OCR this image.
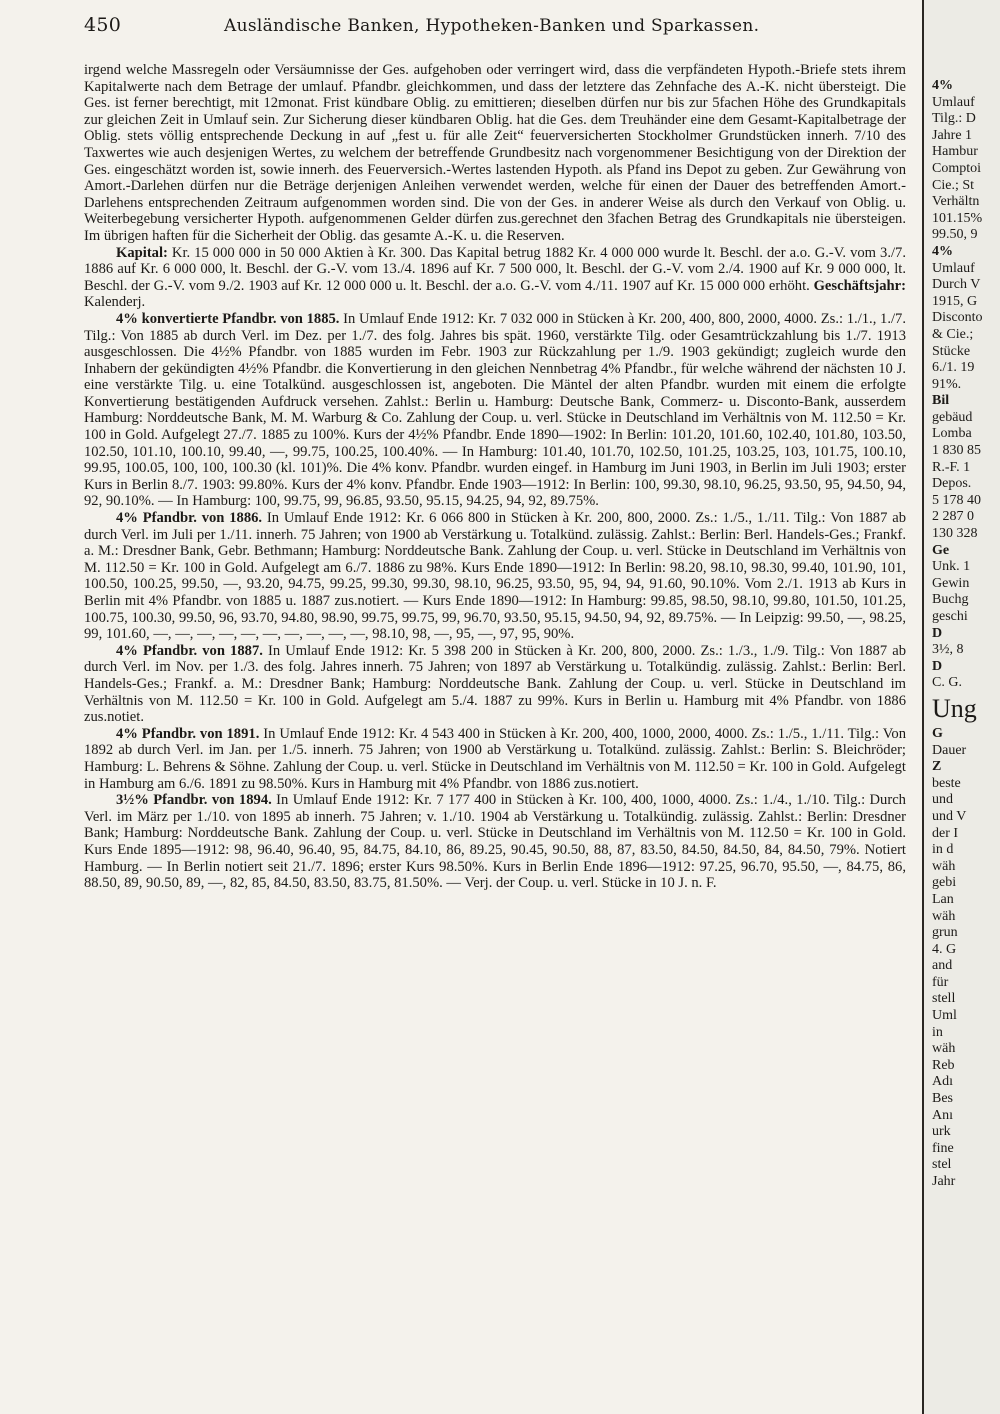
450	Ausländische Banken, Hypotheken-Banken und Sparkassen.

irgend welche Massregeln oder Versäumnisse der Ges. aufgehoben oder verringert wird, dass die verpfändeten Hypoth.-Briefe stets ihrem Kapitalwerte nach dem Betrage der umlauf. Pfandbr. gleichkommen, und dass der letztere das Zehnfache des A.-K. nicht übersteigt. Die Ges. ist ferner berechtigt, mit 12monat. Frist kündbare Oblig. zu emittieren; dieselben dürfen nur bis zur 5fachen Höhe des Grundkapitals zur gleichen Zeit in Umlauf sein. Zur Sicherung dieser kündbaren Oblig. hat die Ges. dem Treuhänder eine dem Gesamt-Kapitalbetrage der Oblig. stets völlig entsprechende Deckung in auf „fest u. für alle Zeit“ feuerversicherten Stockholmer Grundstücken innerh. 7/10 des Taxwertes wie auch desjenigen Wertes, zu welchem der betreffende Grundbesitz nach vorgenommener Besichtigung von der Direktion der Ges. eingeschätzt worden ist, sowie innerh. des Feuerversich.-Wertes lastenden Hypoth. als Pfand ins Depot zu geben. Zur Gewährung von Amort.-Darlehen dürfen nur die Beträge derjenigen Anleihen verwendet werden, welche für einen der Dauer des betreffenden Amort.-Darlehens entsprechenden Zeitraum aufgenommen worden sind. Die von der Ges. in anderer Weise als durch den Verkauf von Oblig. u. Weiterbegebung versicherter Hypoth. aufgenommenen Gelder dürfen zus.gerechnet den 3fachen Betrag des Grundkapitals nie übersteigen. Im übrigen haften für die Sicherheit der Oblig. das gesamte A.-K. u. die Reserven.

Kapital: Kr. 15 000 000 in 50 000 Aktien à Kr. 300. Das Kapital betrug 1882 Kr. 4 000 000 wurde lt. Beschl. der a.o. G.-V. vom 3./7. 1886 auf Kr. 6 000 000, lt. Beschl. der G.-V. vom 13./4. 1896 auf Kr. 7 500 000, lt. Beschl. der G.-V. vom 2./4. 1900 auf Kr. 9 000 000, lt. Beschl. der G.-V. vom 9./2. 1903 auf Kr. 12 000 000 u. lt. Beschl. der a.o. G.-V. vom 4./11. 1907 auf Kr. 15 000 000 erhöht. Geschäftsjahr: Kalenderj.

4% konvertierte Pfandbr. von 1885. In Umlauf Ende 1912: Kr. 7 032 000 in Stücken à Kr. 200, 400, 800, 2000, 4000. Zs.: 1./1., 1./7. Tilg.: Von 1885 ab durch Verl. im Dez. per 1./7. des folg. Jahres bis spät. 1960, verstärkte Tilg. oder Gesamtrückzahlung bis 1./7. 1913 ausgeschlossen. Die 4½% Pfandbr. von 1885 wurden im Febr. 1903 zur Rückzahlung per 1./9. 1903 gekündigt; zugleich wurde den Inhabern der gekündigten 4½% Pfandbr. die Konvertierung in den gleichen Nennbetrag 4% Pfandbr., für welche während der nächsten 10 J. eine verstärkte Tilg. u. eine Totalkünd. ausgeschlossen ist, angeboten. Die Mäntel der alten Pfandbr. wurden mit einem die erfolgte Konvertierung bestätigenden Aufdruck versehen. Zahlst.: Berlin u. Hamburg: Deutsche Bank, Commerz- u. Disconto-Bank, ausserdem Hamburg: Norddeutsche Bank, M. M. Warburg & Co. Zahlung der Coup. u. verl. Stücke in Deutschland im Verhältnis von M. 112.50 = Kr. 100 in Gold. Aufgelegt 27./7. 1885 zu 100%. Kurs der 4½% Pfandbr. Ende 1890—1902: In Berlin: 101.20, 101.60, 102.40, 101.80, 103.50, 102.50, 101.10, 100.10, 99.40, —, 99.75, 100.25, 100.40%. — In Hamburg: 101.40, 101.70, 102.50, 101.25, 103.25, 103, 101.75, 100.10, 99.95, 100.05, 100, 100, 100.30 (kl. 101)%. Die 4% konv. Pfandbr. wurden eingef. in Hamburg im Juni 1903, in Berlin im Juli 1903; erster Kurs in Berlin 8./7. 1903: 99.80%. Kurs der 4% konv. Pfandbr. Ende 1903—1912: In Berlin: 100, 99.30, 98.10, 96.25, 93.50, 95, 94.50, 94, 92, 90.10%. — In Hamburg: 100, 99.75, 99, 96.85, 93.50, 95.15, 94.25, 94, 92, 89.75%.

4% Pfandbr. von 1886. In Umlauf Ende 1912: Kr. 6 066 800 in Stücken à Kr. 200, 800, 2000. Zs.: 1./5., 1./11. Tilg.: Von 1887 ab durch Verl. im Juli per 1./11. innerh. 75 Jahren; von 1900 ab Verstärkung u. Totalkünd. zulässig. Zahlst.: Berlin: Berl. Handels-Ges.; Frankf. a. M.: Dresdner Bank, Gebr. Bethmann; Hamburg: Norddeutsche Bank. Zahlung der Coup. u. verl. Stücke in Deutschland im Verhältnis von M. 112.50 = Kr. 100 in Gold. Aufgelegt am 6./7. 1886 zu 98%. Kurs Ende 1890—1912: In Berlin: 98.20, 98.10, 98.30, 99.40, 101.90, 101, 100.50, 100.25, 99.50, —, 93.20, 94.75, 99.25, 99.30, 99.30, 98.10, 96.25, 93.50, 95, 94, 94, 91.60, 90.10%. Vom 2./1. 1913 ab Kurs in Berlin mit 4% Pfandbr. von 1885 u. 1887 zus.notiert. — Kurs Ende 1890—1912: In Hamburg: 99.85, 98.50, 98.10, 99.80, 101.50, 101.25, 100.75, 100.30, 99.50, 96, 93.70, 94.80, 98.90, 99.75, 99.75, 99, 96.70, 93.50, 95.15, 94.50, 94, 92, 89.75%. — In Leipzig: 99.50, —, 98.25, 99, 101.60, —, —, —, —, —, —, —, —, —, —, 98.10, 98, —, 95, —, 97, 95, 90%.

4% Pfandbr. von 1887. In Umlauf Ende 1912: Kr. 5 398 200 in Stücken à Kr. 200, 800, 2000. Zs.: 1./3., 1./9. Tilg.: Von 1887 ab durch Verl. im Nov. per 1./3. des folg. Jahres innerh. 75 Jahren; von 1897 ab Verstärkung u. Totalkündig. zulässig. Zahlst.: Berlin: Berl. Handels-Ges.; Frankf. a. M.: Dresdner Bank; Hamburg: Norddeutsche Bank. Zahlung der Coup. u. verl. Stücke in Deutschland im Verhältnis von M. 112.50 = Kr. 100 in Gold. Aufgelegt am 5./4. 1887 zu 99%. Kurs in Berlin u. Hamburg mit 4% Pfandbr. von 1886 zus.notiet.

4% Pfandbr. von 1891. In Umlauf Ende 1912: Kr. 4 543 400 in Stücken à Kr. 200, 400, 1000, 2000, 4000. Zs.: 1./5., 1./11. Tilg.: Von 1892 ab durch Verl. im Jan. per 1./5. innerh. 75 Jahren; von 1900 ab Verstärkung u. Totalkünd. zulässig. Zahlst.: Berlin: S. Bleichröder; Hamburg: L. Behrens & Söhne. Zahlung der Coup. u. verl. Stücke in Deutschland im Verhältnis von M. 112.50 = Kr. 100 in Gold. Aufgelegt in Hamburg am 6./6. 1891 zu 98.50%. Kurs in Hamburg mit 4% Pfandbr. von 1886 zus.notiert.

3½% Pfandbr. von 1894. In Umlauf Ende 1912: Kr. 7 177 400 in Stücken à Kr. 100, 400, 1000, 4000. Zs.: 1./4., 1./10. Tilg.: Durch Verl. im März per 1./10. von 1895 ab innerh. 75 Jahren; v. 1./10. 1904 ab Verstärkung u. Totalkündig. zulässig. Zahlst.: Berlin: Dresdner Bank; Hamburg: Norddeutsche Bank. Zahlung der Coup. u. verl. Stücke in Deutschland im Verhältnis von M. 112.50 = Kr. 100 in Gold. Kurs Ende 1895—1912: 98, 96.40, 96.40, 95, 84.75, 84.10, 86, 89.25, 90.45, 90.50, 88, 87, 83.50, 84.50, 84.50, 84, 84.50, 79%. Notiert Hamburg. — In Berlin notiert seit 21./7. 1896; erster Kurs 98.50%. Kurs in Berlin Ende 1896—1912: 97.25, 96.70, 95.50, —, 84.75, 86, 88.50, 89, 90.50, 89, —, 82, 85, 84.50, 83.50, 83.75, 81.50%. — Verj. der Coup. u. verl. Stücke in 10 J. n. F.

4%
Umlauf
Tilg.: D
Jahre 1
Hambur
Comptoi
Cie.; St
Verhältn
101.15%
99.50, 9
4%
Umlauf
Durch V
1915, G
Disconto
& Cie.;
Stücke
6./1. 19
91%.
Bil
gebäud
Lomba
1 830 85
R.-F. 1
Depos.
5 178 40
2 287 0
130 328
Ge
Unk. 1
Gewin
Buchg
geschi
D
3½, 8
D
C. G.
Ung
G
Dauer
Z
beste
und
und V
der I
in d
wäh
gebi
Lan
wäh
grun
4. G
and
für
stell
Uml
in
wäh
Reb
Adı
Bes
Anı
urk
fine
stel
Jahr
